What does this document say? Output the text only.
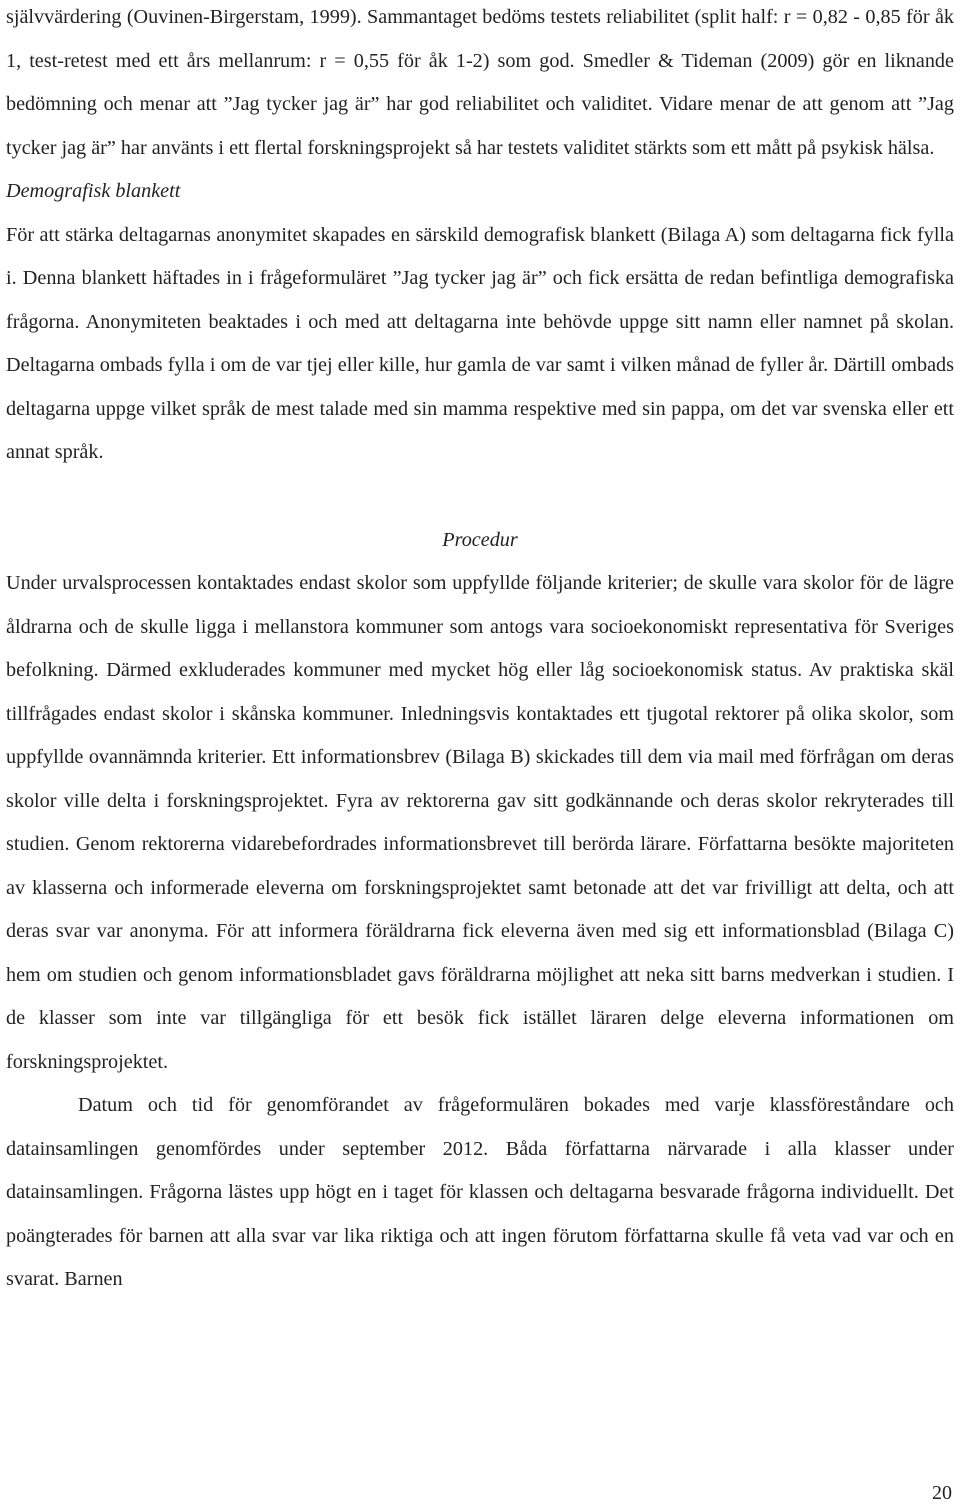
självvärdering (Ouvinen-Birgerstam, 1999). Sammantaget bedöms testets reliabilitet (split half: r = 0,82 - 0,85 för åk 1, test-retest med ett års mellanrum: r = 0,55 för åk 1-2) som god. Smedler & Tideman (2009) gör en liknande bedömning och menar att ”Jag tycker jag är” har god reliabilitet och validitet. Vidare menar de att genom att ”Jag tycker jag är” har använts i ett flertal forskningsprojekt så har testets validitet stärkts som ett mått på psykisk hälsa.

Demografisk blankett

För att stärka deltagarnas anonymitet skapades en särskild demografisk blankett (Bilaga A) som deltagarna fick fylla i. Denna blankett häftades in i frågeformuläret ”Jag tycker jag är” och fick ersätta de redan befintliga demografiska frågorna. Anonymiteten beaktades i och med att deltagarna inte behövde uppge sitt namn eller namnet på skolan. Deltagarna ombads fylla i om de var tjej eller kille, hur gamla de var samt i vilken månad de fyller år. Därtill ombads deltagarna uppge vilket språk de mest talade med sin mamma respektive med sin pappa, om det var svenska eller ett annat språk.

Procedur

Under urvalsprocessen kontaktades endast skolor som uppfyllde följande kriterier; de skulle vara skolor för de lägre åldrarna och de skulle ligga i mellanstora kommuner som antogs vara socioekonomiskt representativa för Sveriges befolkning. Därmed exkluderades kommuner med mycket hög eller låg socioekonomisk status. Av praktiska skäl tillfrågades endast skolor i skånska kommuner. Inledningsvis kontaktades ett tjugotal rektorer på olika skolor, som uppfyllde ovannämnda kriterier. Ett informationsbrev (Bilaga B) skickades till dem via mail med förfrågan om deras skolor ville delta i forskningsprojektet. Fyra av rektorerna gav sitt godkännande och deras skolor rekryterades till studien. Genom rektorerna vidarebefordrades informationsbrevet till berörda lärare. Författarna besökte majoriteten av klasserna och informerade eleverna om forskningsprojektet samt betonade att det var frivilligt att delta, och att deras svar var anonyma. För att informera föräldrarna fick eleverna även med sig ett informationsblad (Bilaga C) hem om studien och genom informationsbladet gavs föräldrarna möjlighet att neka sitt barns medverkan i studien. I de klasser som inte var tillgängliga för ett besök fick istället läraren delge eleverna informationen om forskningsprojektet.

Datum och tid för genomförandet av frågeformulären bokades med varje klassföreståndare och datainsamlingen genomfördes under september 2012. Båda författarna närvarade i alla klasser under datainsamlingen. Frågorna lästes upp högt en i taget för klassen och deltagarna besvarade frågorna individuellt. Det poängterades för barnen att alla svar var lika riktiga och att ingen förutom författarna skulle få veta vad var och en svarat. Barnen

20
